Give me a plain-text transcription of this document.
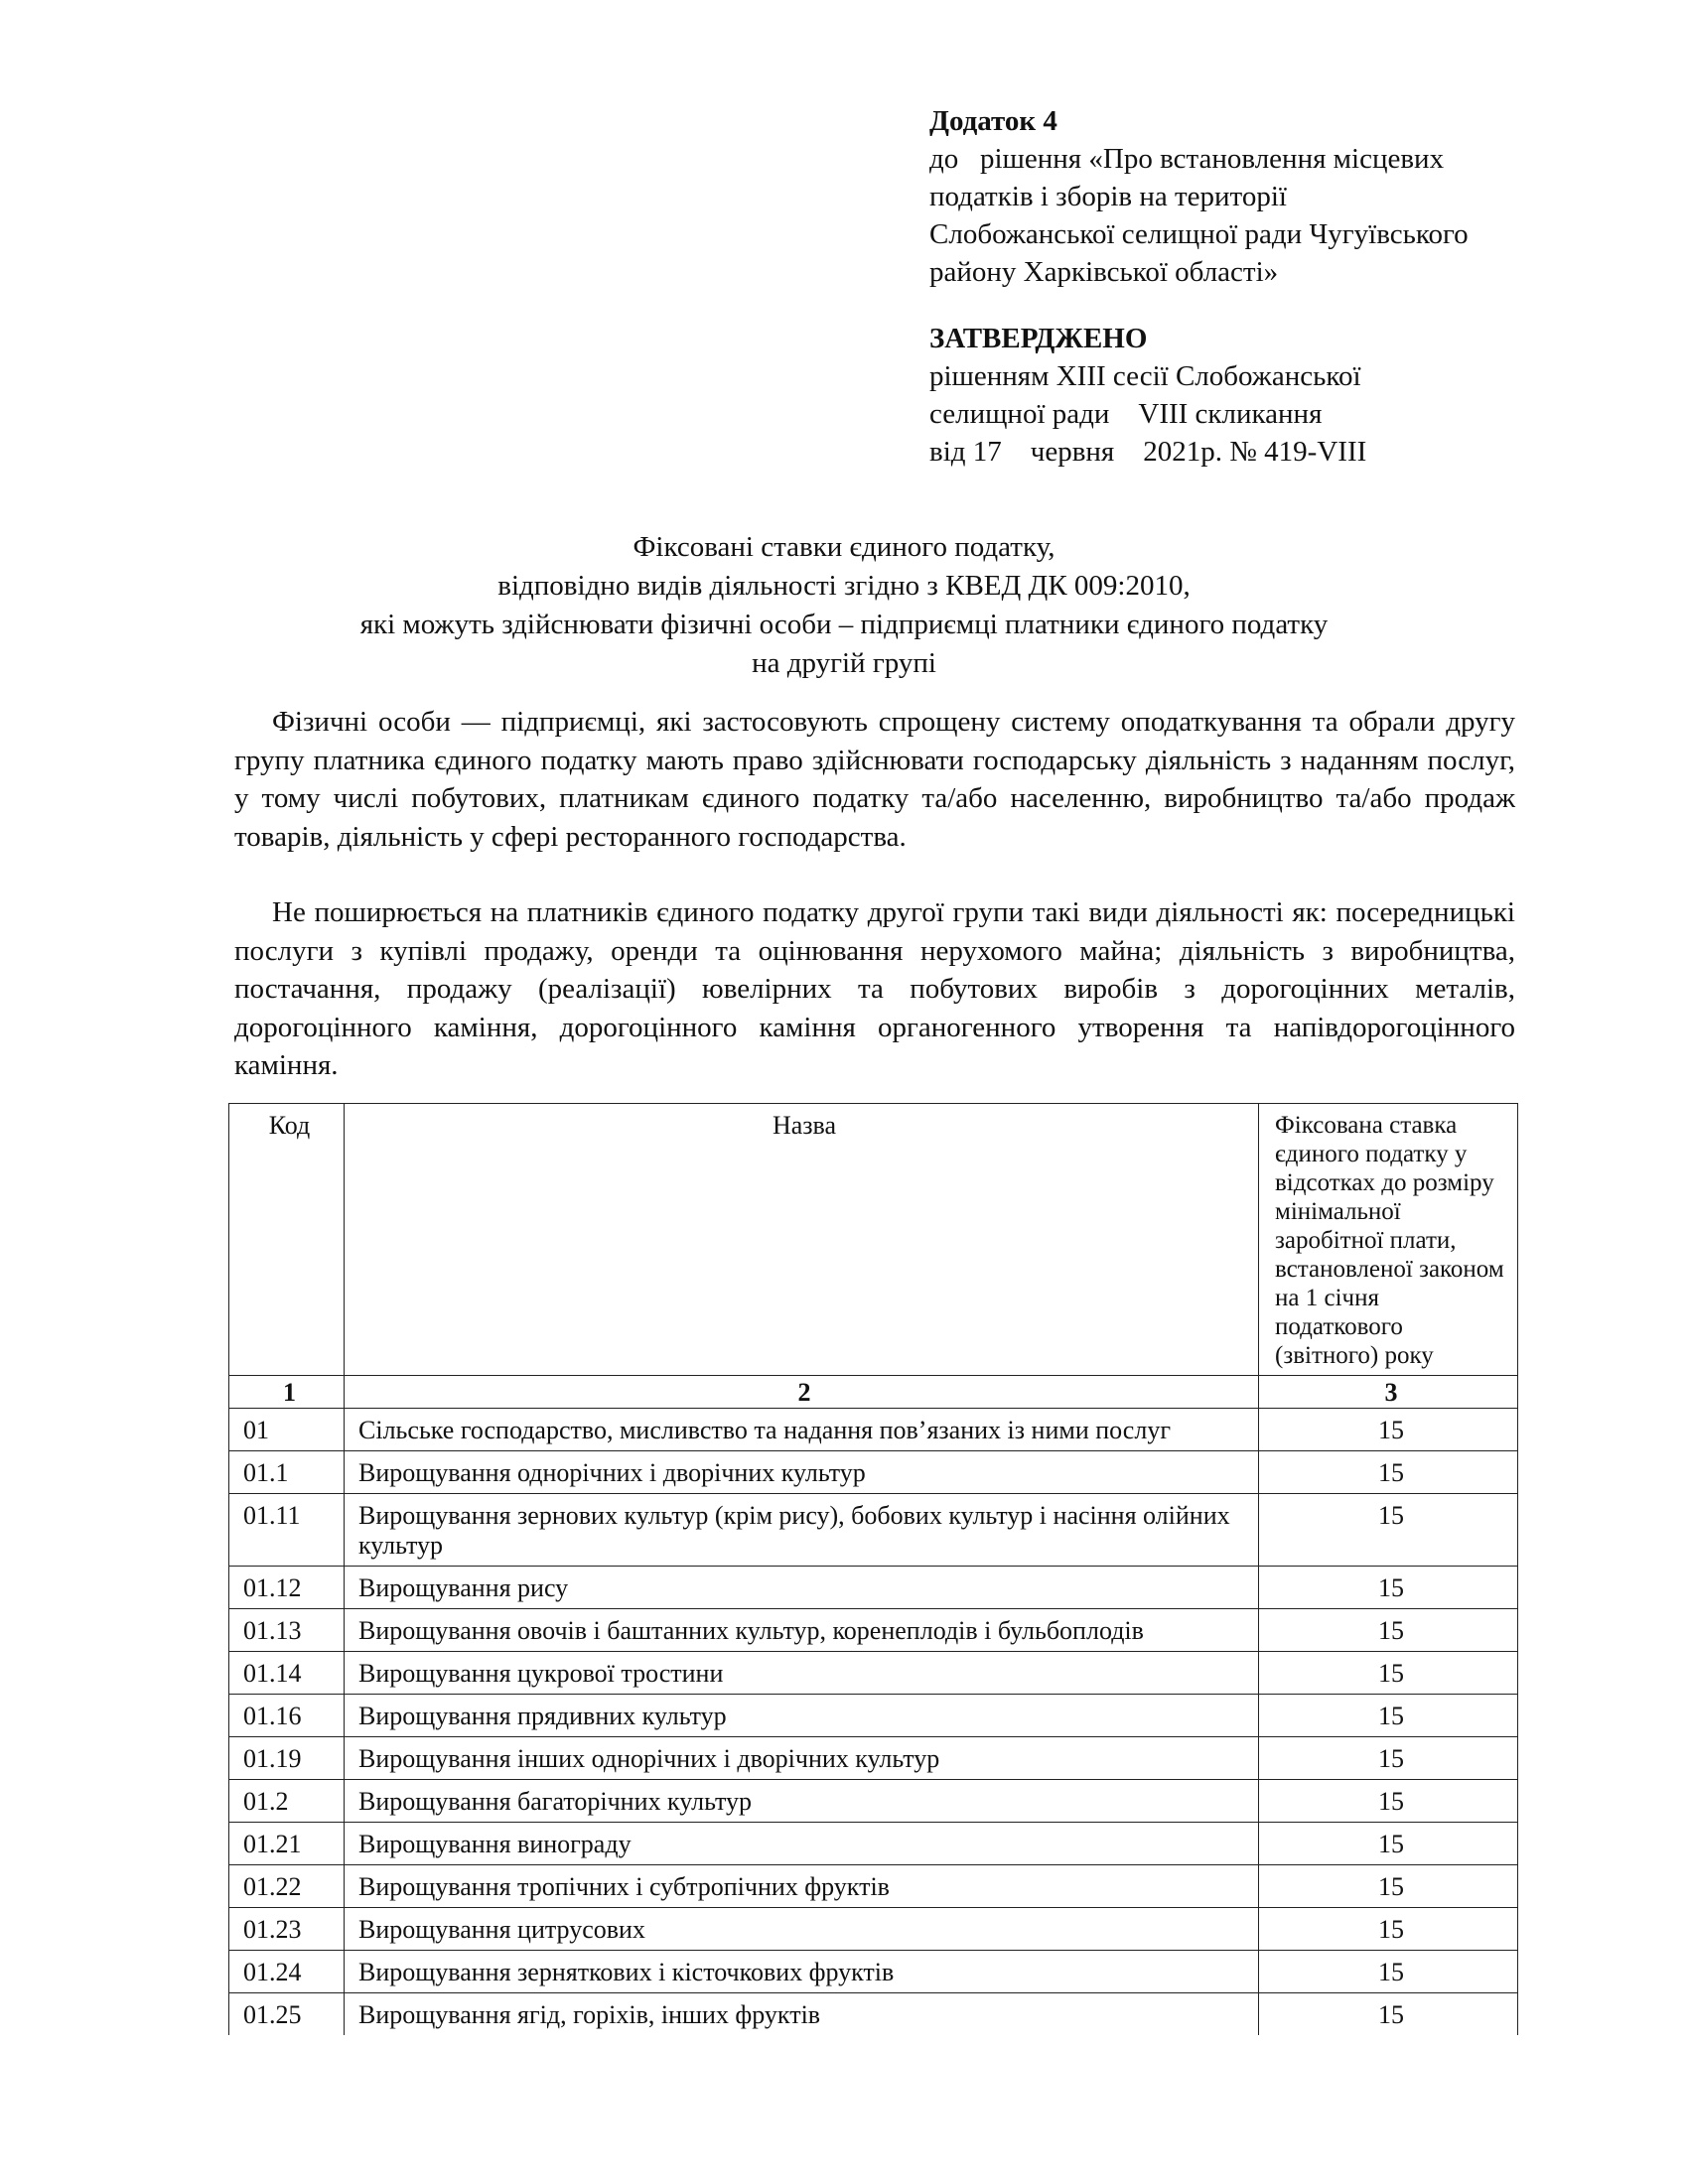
Додаток 4
до   рішення «Про встановлення місцевих
податків і зборів на території
Слобожанської селищної ради Чугуївського
району Харківської області»
ЗАТВЕРДЖЕНО
рішенням ХІІІ сесії Слобожанської
селищної ради    VIII скликання
від 17    червня    2021р. № 419-VIII
Фіксовані ставки єдиного податку,
відповідно видів діяльності згідно з КВЕД ДК 009:2010,
які можуть здійснювати фізичні особи – підприємці платники єдиного податку
на другій групі

Фізичні особи — підприємці, які застосовують спрощену систему оподаткування та обрали другу групу платника єдиного податку мають право здійснювати господарську діяльність з наданням послуг, у тому числі побутових, платникам єдиного податку та/або населенню, виробництво та/або продаж товарів, діяльність у сфері ресторанного господарства.

Не поширюється на платників єдиного податку другої групи такі види діяльності як: посередницькі послуги з купівлі продажу, оренди та оцінювання нерухомого майна; діяльність з виробництва, постачання, продажу (реалізації) ювелірних та побутових виробів з дорогоцінних металів, дорогоцінного каміння, дорогоцінного каміння органогенного утворення та напівдорогоцінного каміння.

Код	Назва	Фіксована ставка єдиного податку у відсотках до розміру мінімальної заробітної плати, встановленої законом на 1 січня податкового (звітного) року
1	2	3
01	Сільське господарство, мисливство та надання пов’язаних із ними послуг	15
01.1	Вирощування однорічних і дворічних культур	15
01.11	Вирощування зернових культур (крім рису), бобових культур і насіння олійних культур	15
01.12	Вирощування рису	15
01.13	Вирощування овочів і баштанних культур, коренеплодів і бульбоплодів	15
01.14	Вирощування цукрової тростини	15
01.16	Вирощування прядивних культур	15
01.19	Вирощування інших однорічних і дворічних культур	15
01.2	Вирощування багаторічних культур	15
01.21	Вирощування винограду	15
01.22	Вирощування тропічних і субтропічних фруктів	15
01.23	Вирощування цитрусових	15
01.24	Вирощування зерняткових і кісточкових фруктів	15
01.25	Вирощування ягід, горіхів, інших фруктів	15
